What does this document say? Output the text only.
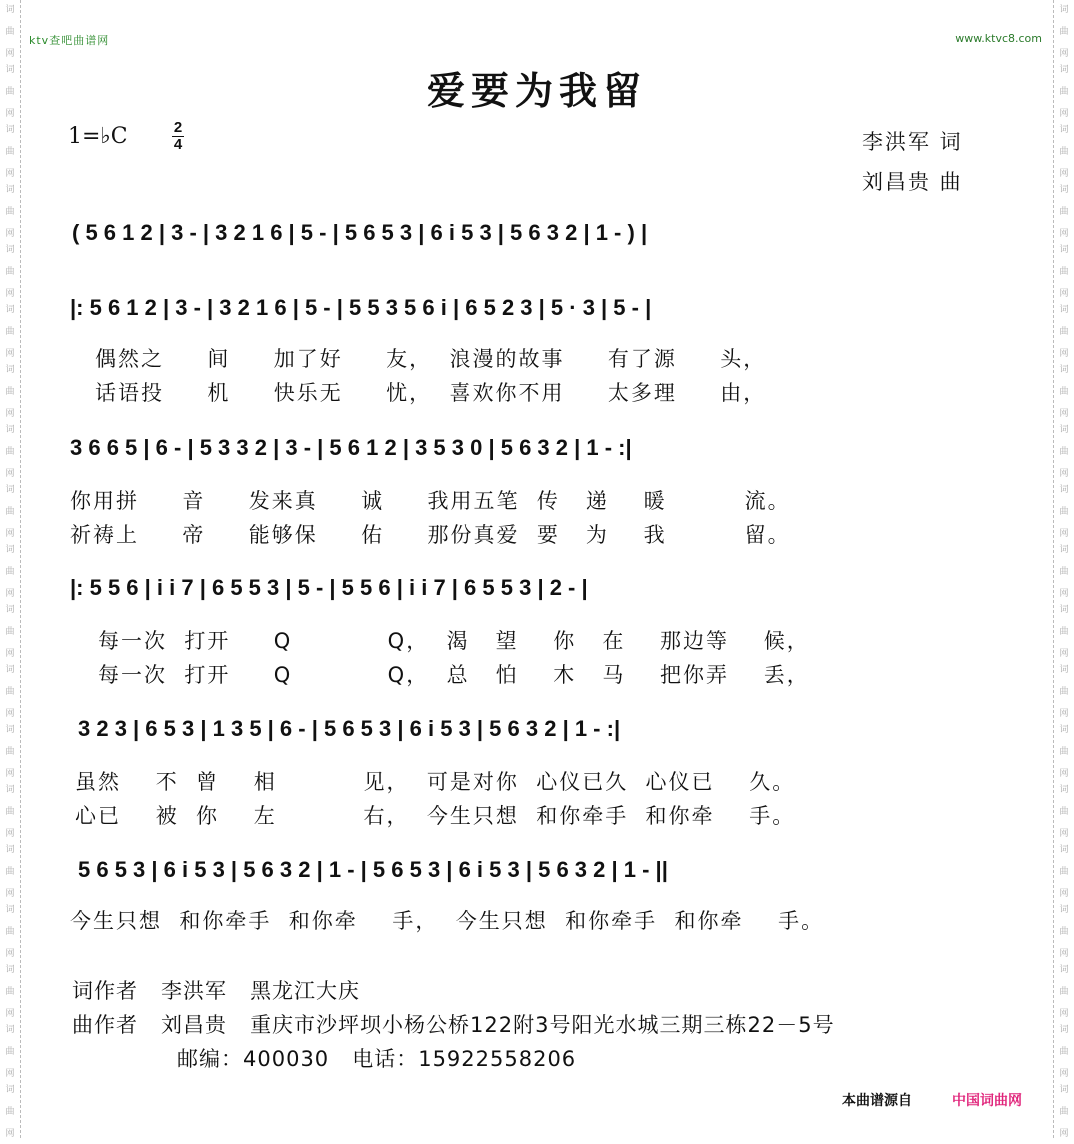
词
曲
网
词
曲
网
词
曲
网
词
曲
网
词
曲
网
词
曲
网
词
曲
网
词
曲
网
词
曲
网
词
曲
网
词
曲
网
词
曲
网
词
曲
网
词
曲
网
词
曲
网
词
曲
网
词
曲
网
词
曲
网
词
曲
网
词
曲
网
词
曲
网
词
曲
网
词
曲
网
词
曲
网
词
曲
网
词
曲
网
词
曲
网
词
曲
网
词
曲
网
词
曲
网
词
曲
网
词
曲
网
词
曲
网
词
曲
网
词
曲
网
词
曲
网
词
曲
网
词
曲
网
ktv查吧曲谱网	www.ktvc8.com
爱要为我留
1=♭C	2
4	李洪军 词
刘昌贵 曲
( 5 6 1 2 | 3 - | 3 2 1 6 | 5 - | 5 6 5 3 | 6 i 5 3 | 5 6 3 2 | 1 - ) |
|: 5 6 1 2 | 3 - | 3 2 1 6 | 5 - | 5 5 3 5 6 i | 6 5 2 3 | 5 · 3 | 5 - |
偶然之     间     加了好     友，  浪漫的故事     有了源     头，
话语投     机     快乐无     忧，  喜欢你不用     太多理     由，
3 6 6 5 | 6 - | 5 3 3 2 | 3 - | 5 6 1 2 | 3 5 3 0 | 5 6 3 2 | 1 - :|
你用拼     音     发来真     诚     我用五笔  传   递    暖         流。
祈祷上     帝     能够保     佑     那份真爱  要   为    我         留。
|: 5 5 6 | i i 7 | 6 5 5 3 | 5 - | 5 5 6 | i i 7 | 6 5 5 3 | 2 - |
每一次  打开     Q           Q，  渴   望    你   在    那边等    候，
每一次  打开     Q           Q，  总   怕    木   马    把你弄    丢，
3 2 3 | 6 5 3 | 1 3 5 | 6 - | 5 6 5 3 | 6 i 5 3 | 5 6 3 2 | 1 - :|
虽然    不  曾    相          见，  可是对你  心仪已久  心仪已    久。
心已    被  你    左          右，  今生只想  和你牵手  和你牵    手。
5 6 5 3 | 6 i 5 3 | 5 6 3 2 | 1 - | 5 6 5 3 | 6 i 5 3 | 5 6 3 2 | 1 - ||
今生只想  和你牵手  和你牵    手，  今生只想  和你牵手  和你牵    手。
词作者 李洪军 黑龙江大庆
曲作者 刘昌贵 重庆市沙坪坝小杨公桥122附3号阳光水城三期三栋22－5号
邮编：400030 电话：15922558206
本曲谱源自	中国词曲网
